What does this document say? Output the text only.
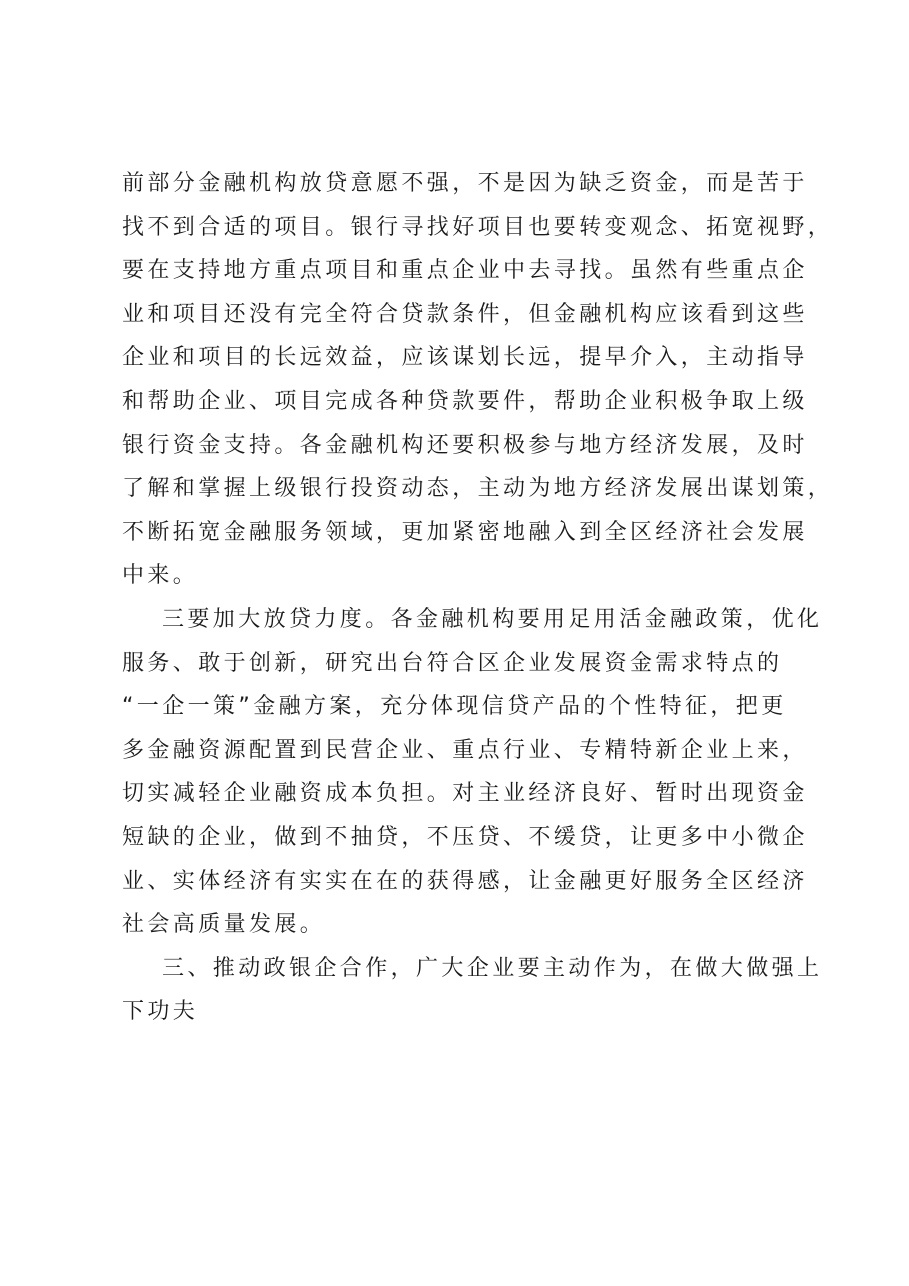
前部分金融机构放贷意愿不强，不是因为缺乏资金，而是苦于
找不到合适的项目。银行寻找好项目也要转变观念、拓宽视野，
要在支持地方重点项目和重点企业中去寻找。虽然有些重点企
业和项目还没有完全符合贷款条件，但金融机构应该看到这些
企业和项目的长远效益，应该谋划长远，提早介入，主动指导
和帮助企业、项目完成各种贷款要件，帮助企业积极争取上级
银行资金支持。各金融机构还要积极参与地方经济发展，及时
了解和掌握上级银行投资动态，主动为地方经济发展出谋划策，
不断拓宽金融服务领域，更加紧密地融入到全区经济社会发展
中来。
三要加大放贷力度。各金融机构要用足用活金融政策，优化
服务、敢于创新，研究出台符合区企业发展资金需求特点的
“一企一策”金融方案，充分体现信贷产品的个性特征，把更
多金融资源配置到民营企业、重点行业、专精特新企业上来，
切实减轻企业融资成本负担。对主业经济良好、暂时出现资金
短缺的企业，做到不抽贷，不压贷、不缓贷，让更多中小微企
业、实体经济有实实在在的获得感，让金融更好服务全区经济
社会高质量发展。
三、推动政银企合作，广大企业要主动作为，在做大做强上
下功夫
